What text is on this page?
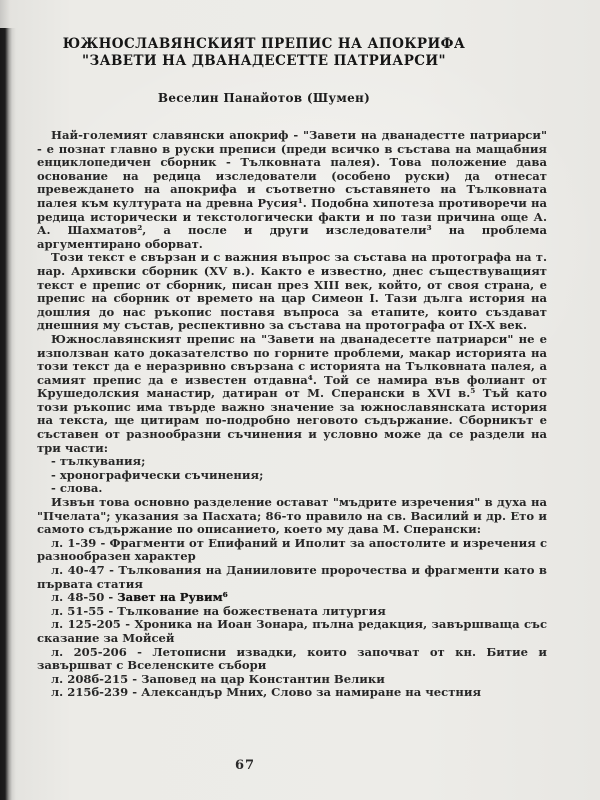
ЮЖНОСЛАВЯНСКИЯТ ПРЕПИС НА АПОКРИФА
"ЗАВЕТИ НА ДВАНАДЕСЕТТЕ ПАТРИАРСИ"
Веселин Панайотов (Шумен)
Най-големият славянски апокриф - "Завети на дванадестте патриарси" - е познат главно в руски преписи (преди всичко в състава на мащабния енциклопедичен сборник - Тълковната палея). Това положение дава основание на редица изследователи (особено руски) да отнесат превеждането на апокрифа и съответно съставянето на Тълковната палея към културата на древна Русия¹. Подобна хипотеза противоречи на редица исторически и текстологически факти и по тази причина още А. А. Шахматов², а после и други изследователи³ на проблема аргументирано оборват.
Този текст е свързан и с важния въпрос за състава на протографа на т. нар. Архивски сборник (XV в.). Както е известно, днес съществуващият текст е препис от сборник, писан през XIII век, който, от своя страна, е препис на сборник от времето на цар Симеон I. Тази дълга история на дошлия до нас ръкопис поставя въпроса за етапите, които създават днешния му състав, респективно за състава на протографа от IX-X век.
Южнославянският препис на "Завети на дванадесетте патриарси" не е използван като доказателство по горните проблеми, макар историята на този текст да е неразривно свързана с историята на Тълковната палея, а самият препис да е известен отдавна⁴. Той се намира във фолиант от Крушедолския манастир, датиран от М. Сперански в XVI в.⁵ Тъй като този ръкопис има твърде важно значение за южнославянската история на текста, ще цитирам по-подробно неговото съдържание. Сборникът е съставен от разнообразни съчинения и условно може да се раздели на три части:
- тълкувания;
- хронографически съчинения;
- слова.
Извън това основно разделение остават "мъдрите изречения" в духа на "Пчелата"; указания за Пасхата; 86-то правило на св. Василий и др. Ето и самото съдържание по описанието, което му дава М. Сперански:
л. 1-39 - Фрагменти от Епифаний и Иполит за апостолите и изречения с разнообразен характер
л. 40-47 - Тълкования на Данииловите пророчества и фрагменти като в първата статия
л. 48-50 - Завет на Рувим⁶
л. 51-55 - Тълкование на божествената литургия
л. 125-205 - Хроника на Иоан Зонара, пълна редакция, завършваща със сказание за Мойсей
л. 205-206 - Летописни извадки, които започват от кн. Битие и завършват с Вселенските събори
л. 208б-215 - Заповед на цар Константин Велики
л. 215б-239 - Александър Мних, Слово за намиране на честния
67
